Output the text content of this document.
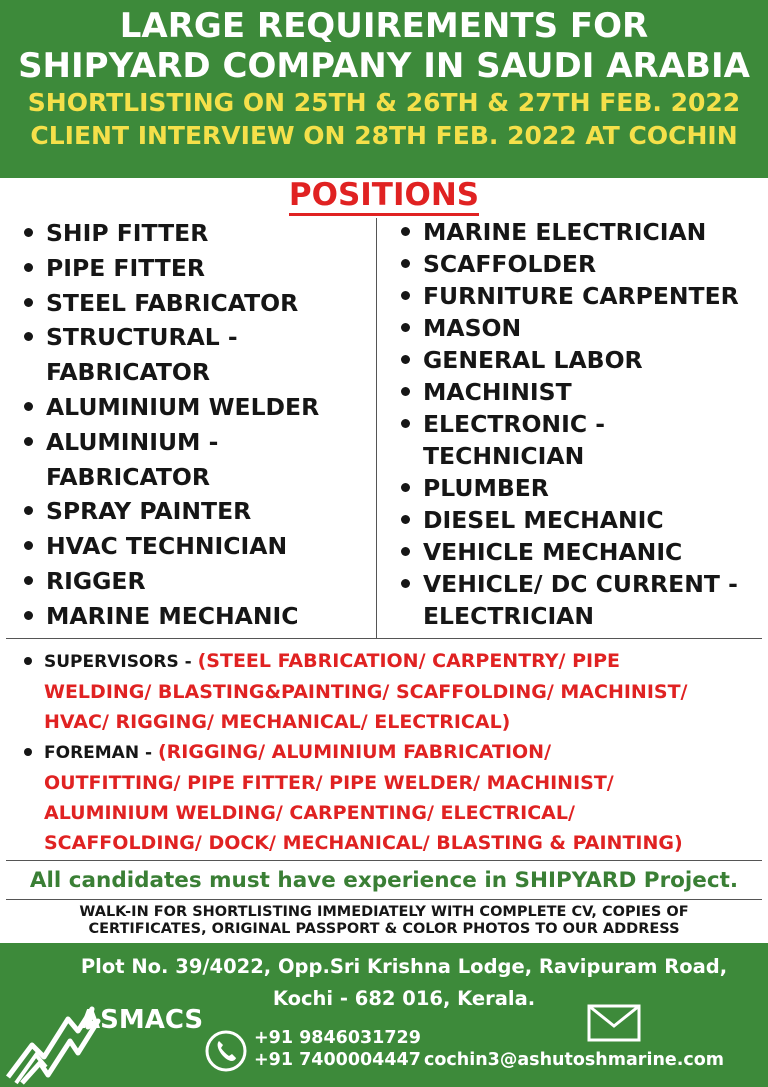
LARGE REQUIREMENTS FOR
SHIPYARD COMPANY IN SAUDI ARABIA
SHORTLISTING ON 25TH & 26TH & 27TH FEB. 2022
CLIENT INTERVIEW ON 28TH FEB. 2022 AT COCHIN
POSITIONS
SHIP FITTER
PIPE FITTER
STEEL FABRICATOR
STRUCTURAL -
FABRICATOR
ALUMINIUM WELDER
ALUMINIUM -
FABRICATOR
SPRAY PAINTER
HVAC TECHNICIAN
RIGGER
MARINE MECHANIC
MARINE ELECTRICIAN
SCAFFOLDER
FURNITURE CARPENTER
MASON
GENERAL LABOR
MACHINIST
ELECTRONIC -
TECHNICIAN
PLUMBER
DIESEL MECHANIC
VEHICLE MECHANIC
VEHICLE/ DC CURRENT -
ELECTRICIAN
SUPERVISORS - (STEEL FABRICATION/ CARPENTRY/ PIPE
WELDING/ BLASTING&PAINTING/ SCAFFOLDING/ MACHINIST/
HVAC/ RIGGING/ MECHANICAL/ ELECTRICAL)
FOREMAN - (RIGGING/ ALUMINIUM FABRICATION/
OUTFITTING/ PIPE FITTER/ PIPE WELDER/ MACHINIST/
ALUMINIUM WELDING/ CARPENTING/ ELECTRICAL/
SCAFFOLDING/ DOCK/ MECHANICAL/ BLASTING & PAINTING)
All candidates must have experience in SHIPYARD Project.
WALK-IN FOR SHORTLISTING IMMEDIATELY WITH COMPLETE CV, COPIES OF
CERTIFICATES, ORIGINAL PASSPORT & COLOR PHOTOS TO OUR ADDRESS
Plot No. 39/4022, Opp.Sri Krishna Lodge, Ravipuram Road,
Kochi - 682 016, Kerala.
ASMACS
+91 9846031729
+91 7400004447 cochin3@ashutoshmarine.com
